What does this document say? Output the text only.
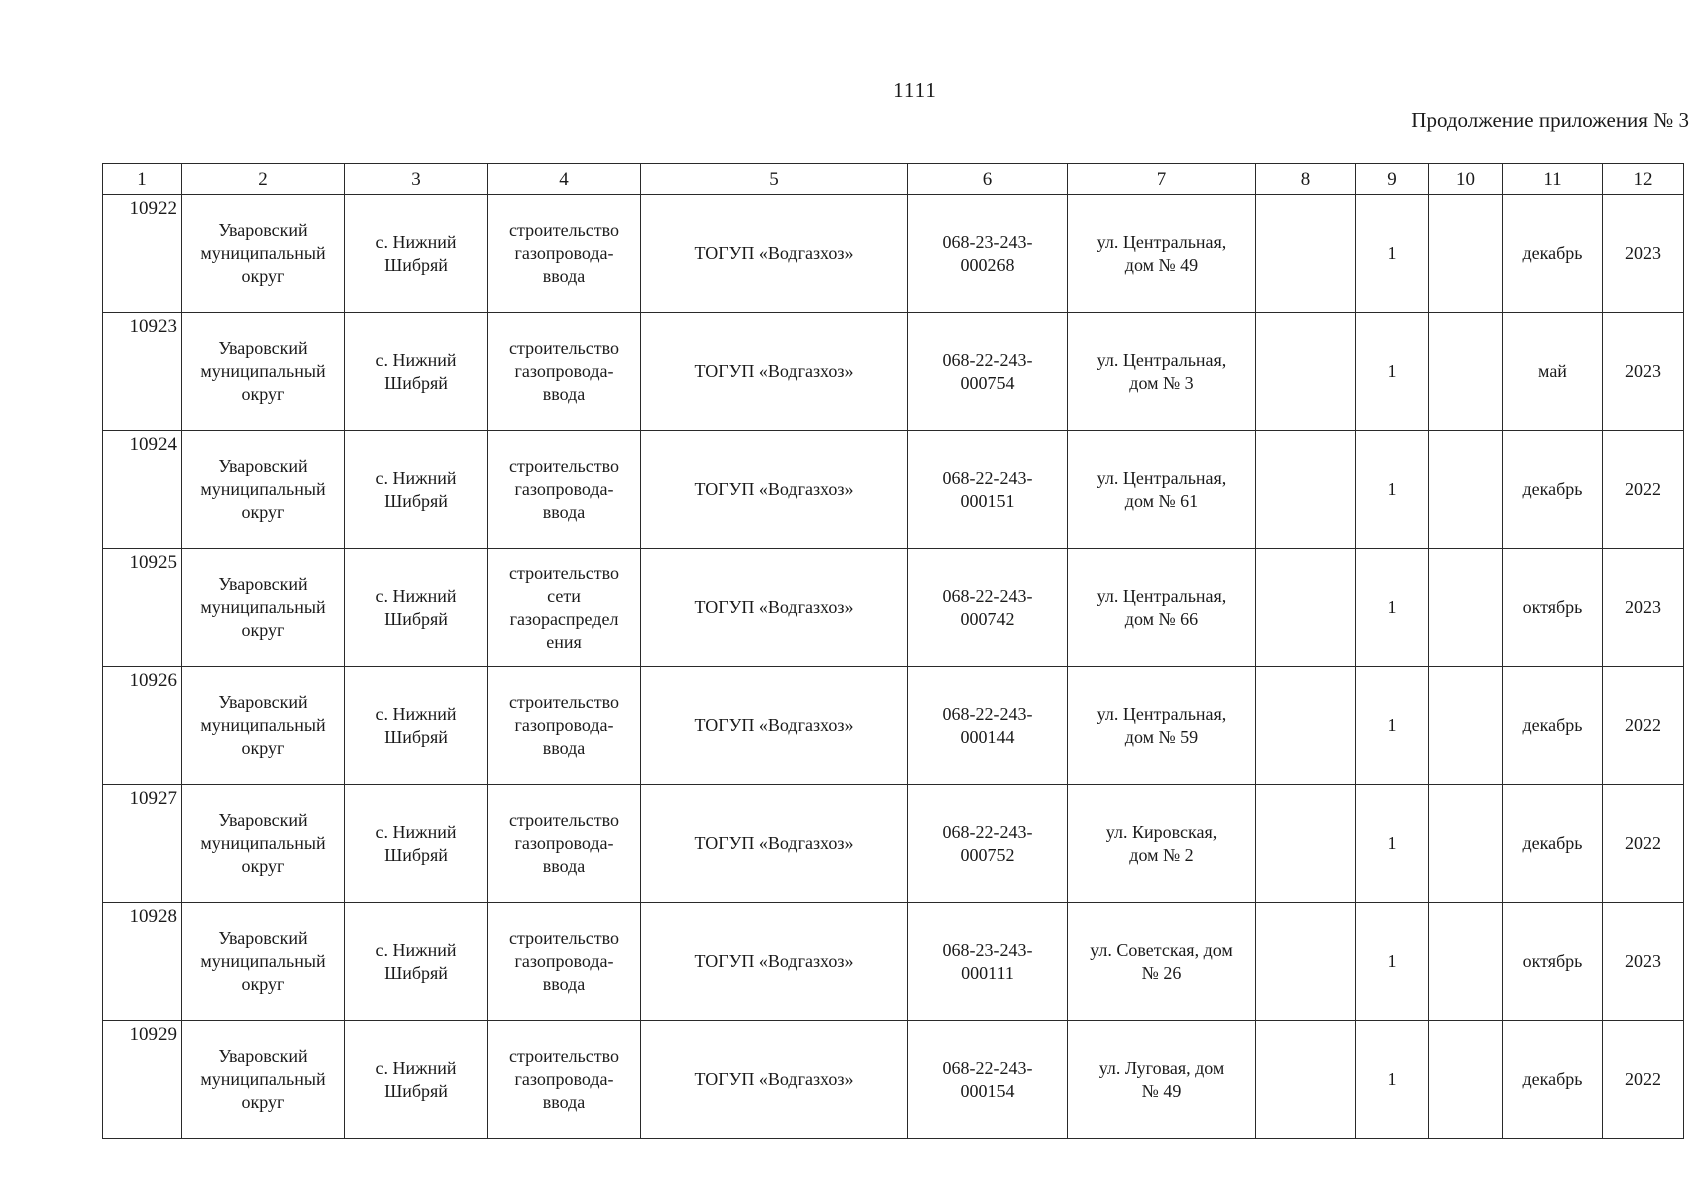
1111
Продолжение приложения № 3
1	2	3	4	5	6	7	8	9	10	11	12
10922	Уваровский
муниципальный
округ	с. Нижний
Шибряй	строительство
газопровода-
ввода	ТОГУП «Водгазхоз»	068-23-243-
000268	ул. Центральная,
дом № 49		1		декабрь	2023
10923	Уваровский
муниципальный
округ	с. Нижний
Шибряй	строительство
газопровода-
ввода	ТОГУП «Водгазхоз»	068-22-243-
000754	ул. Центральная,
дом № 3		1		май	2023
10924	Уваровский
муниципальный
округ	с. Нижний
Шибряй	строительство
газопровода-
ввода	ТОГУП «Водгазхоз»	068-22-243-
000151	ул. Центральная,
дом № 61		1		декабрь	2022
10925	Уваровский
муниципальный
округ	с. Нижний
Шибряй	строительство
сети
газораспредел
ения	ТОГУП «Водгазхоз»	068-22-243-
000742	ул. Центральная,
дом № 66		1		октябрь	2023
10926	Уваровский
муниципальный
округ	с. Нижний
Шибряй	строительство
газопровода-
ввода	ТОГУП «Водгазхоз»	068-22-243-
000144	ул. Центральная,
дом № 59		1		декабрь	2022
10927	Уваровский
муниципальный
округ	с. Нижний
Шибряй	строительство
газопровода-
ввода	ТОГУП «Водгазхоз»	068-22-243-
000752	ул. Кировская,
дом № 2		1		декабрь	2022
10928	Уваровский
муниципальный
округ	с. Нижний
Шибряй	строительство
газопровода-
ввода	ТОГУП «Водгазхоз»	068-23-243-
000111	ул. Советская, дом
№ 26		1		октябрь	2023
10929	Уваровский
муниципальный
округ	с. Нижний
Шибряй	строительство
газопровода-
ввода	ТОГУП «Водгазхоз»	068-22-243-
000154	ул. Луговая, дом
№ 49		1		декабрь	2022
